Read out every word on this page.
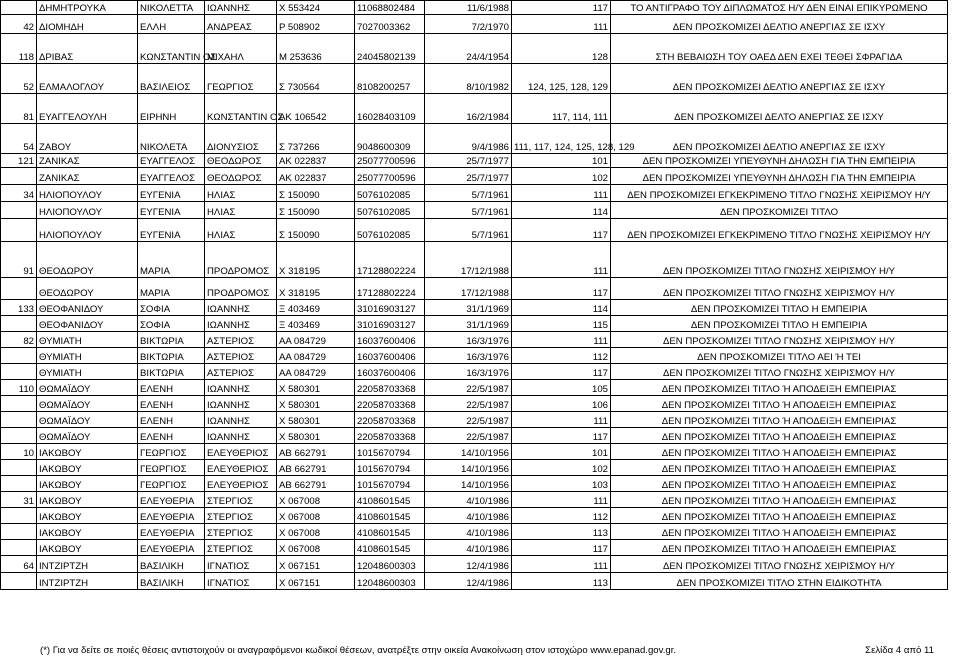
	ΔΗΜΗΤΡΟΥΚΑ	ΝΙΚΟΛΕΤΤΑ	ΙΩΑΝΝΗΣ	Χ 553424	11068802484	11/6/1988	117	ΤΟ ΑΝΤΙΓΡΑΦΟ ΤΟΥ ΔΙΠΛΩΜΑΤΟΣ Η/Υ ΔΕΝ ΕΙΝΑΙ ΕΠΙΚΥΡΩΜΕΝΟ
42	ΔΙΟΜΗΔΗ	ΕΛΛΗ	ΑΝΔΡΕΑΣ	Ρ 508902	7027003362	7/2/1970	111	ΔΕΝ ΠΡΟΣΚΟΜΙΖΕΙ ΔΕΛΤΙΟ ΑΝΕΡΓΙΑΣ ΣΕ ΙΣΧΥ
118	ΔΡΙΒΑΣ	ΚΩΝΣΤΑΝΤΙΝ ΟΣ	ΜΙΧΑΗΛ	Μ 253636	24045802139	24/4/1954	128	ΣΤΗ ΒΕΒΑΙΩΣΗ ΤΟΥ ΟΑΕΔ ΔΕΝ ΕΧΕΙ ΤΕΘΕΙ ΣΦΡΑΓΙΔΑ
52	ΕΛΜΑΛΟΓΛΟΥ	ΒΑΣΙΛΕΙΟΣ	ΓΕΩΡΓΙΟΣ	Σ 730564	8108200257	8/10/1982	124, 125, 128, 129	ΔΕΝ ΠΡΟΣΚΟΜΙΖΕΙ ΔΕΛΤΙΟ ΑΝΕΡΓΙΑΣ ΣΕ ΙΣΧΥ
81	ΕΥΑΓΓΕΛΟΥΛΗ	ΕΙΡΗΝΗ	ΚΩΝΣΤΑΝΤΙΝ ΟΣ	ΑΚ 106542	16028403109	16/2/1984	117, 114, 111	ΔΕΝ ΠΡΟΣΚΟΜΙΖΕΙ ΔΕΛΤΟ ΑΝΕΡΓΙΑΣ ΣΕ ΙΣΧΥ
54	ΖΑΒΟΥ	ΝΙΚΟΛΕΤΑ	ΔΙΟΝΥΣΙΟΣ	Σ 737266	9048600309	9/4/1986	111, 117, 124, 125, 128, 129	ΔΕΝ ΠΡΟΣΚΟΜΙΖΕΙ ΔΕΛΤΙΟ ΑΝΕΡΓΙΑΣ ΣΕ ΙΣΧΥ
121	ΖΑΝΙΚΑΣ	ΕΥΑΓΓΕΛΟΣ	ΘΕΟΔΩΡΟΣ	ΑΚ 022837	25077700596	25/7/1977	101	ΔΕΝ ΠΡΟΣΚΟΜΙΖΕΙ ΥΠΕΥΘΥΝΗ ΔΗΛΩΣΗ ΓΙΑ ΤΗΝ ΕΜΠΕΙΡΙΑ
	ΖΑΝΙΚΑΣ	ΕΥΑΓΓΕΛΟΣ	ΘΕΟΔΩΡΟΣ	ΑΚ 022837	25077700596	25/7/1977	102	ΔΕΝ ΠΡΟΣΚΟΜΙΖΕΙ ΥΠΕΥΘΥΝΗ ΔΗΛΩΣΗ ΓΙΑ ΤΗΝ ΕΜΠΕΙΡΙΑ
34	ΗΛΙΟΠΟΥΛΟΥ	ΕΥΓΕΝΙΑ	ΗΛΙΑΣ	Σ 150090	5076102085	5/7/1961	111	ΔΕΝ ΠΡΟΣΚΟΜΙΖΕΙ ΕΓΚΕΚΡΙΜΕΝΟ ΤΙΤΛΟ ΓΝΩΣΗΣ ΧΕΙΡΙΣΜΟΥ Η/Υ
	ΗΛΙΟΠΟΥΛΟΥ	ΕΥΓΕΝΙΑ	ΗΛΙΑΣ	Σ 150090	5076102085	5/7/1961	114	ΔΕΝ ΠΡΟΣΚΟΜΙΖΕΙ ΤΙΤΛΟ
	ΗΛΙΟΠΟΥΛΟΥ	ΕΥΓΕΝΙΑ	ΗΛΙΑΣ	Σ 150090	5076102085	5/7/1961	117	ΔΕΝ ΠΡΟΣΚΟΜΙΖΕΙ ΕΓΚΕΚΡΙΜΕΝΟ ΤΙΤΛΟ ΓΝΩΣΗΣ ΧΕΙΡΙΣΜΟΥ Η/Υ
91	ΘΕΟΔΩΡΟΥ	ΜΑΡΙΑ	ΠΡΟΔΡΟΜΟΣ	Χ 318195	17128802224	17/12/1988	111	ΔΕΝ ΠΡΟΣΚΟΜΙΖΕΙ ΤΙΤΛΟ ΓΝΩΣΗΣ ΧΕΙΡΙΣΜΟΥ Η/Υ
	ΘΕΟΔΩΡΟΥ	ΜΑΡΙΑ	ΠΡΟΔΡΟΜΟΣ	Χ 318195	17128802224	17/12/1988	117	ΔΕΝ ΠΡΟΣΚΟΜΙΖΕΙ ΤΙΤΛΟ ΓΝΩΣΗΣ ΧΕΙΡΙΣΜΟΥ Η/Υ
133	ΘΕΟΦΑΝΙΔΟΥ	ΣΟΦΙΑ	ΙΩΑΝΝΗΣ	Ξ 403469	31016903127	31/1/1969	114	ΔΕΝ ΠΡΟΣΚΟΜΙΖΕΙ ΤΙΤΛΟ Η ΕΜΠΕΙΡΙΑ
	ΘΕΟΦΑΝΙΔΟΥ	ΣΟΦΙΑ	ΙΩΑΝΝΗΣ	Ξ 403469	31016903127	31/1/1969	115	ΔΕΝ ΠΡΟΣΚΟΜΙΖΕΙ ΤΙΤΛΟ Η ΕΜΠΕΙΡΙΑ
82	ΘΥΜΙΑΤΗ	ΒΙΚΤΩΡΙΑ	ΑΣΤΕΡΙΟΣ	ΑΑ 084729	16037600406	16/3/1976	111	ΔΕΝ ΠΡΟΣΚΟΜΙΖΕΙ ΤΙΤΛΟ ΓΝΩΣΗΣ ΧΕΙΡΙΣΜΟΥ Η/Υ
	ΘΥΜΙΑΤΗ	ΒΙΚΤΩΡΙΑ	ΑΣΤΕΡΙΟΣ	ΑΑ 084729	16037600406	16/3/1976	112	ΔΕΝ ΠΡΟΣΚΟΜΙΖΕΙ ΤΙΤΛΟ ΑΕΙ Ή ΤΕΙ
	ΘΥΜΙΑΤΗ	ΒΙΚΤΩΡΙΑ	ΑΣΤΕΡΙΟΣ	ΑΑ 084729	16037600406	16/3/1976	117	ΔΕΝ ΠΡΟΣΚΟΜΙΖΕΙ ΤΙΤΛΟ ΓΝΩΣΗΣ ΧΕΙΡΙΣΜΟΥ Η/Υ
110	ΘΩΜΑΪΔΟΥ	ΕΛΕΝΗ	ΙΩΑΝΝΗΣ	Χ 580301	22058703368	22/5/1987	105	ΔΕΝ ΠΡΟΣΚΟΜΙΖΕΙ ΤΙΤΛΟ Ή ΑΠΟΔΕΙΞΗ ΕΜΠΕΙΡΙΑΣ
	ΘΩΜΑΪΔΟΥ	ΕΛΕΝΗ	ΙΩΑΝΝΗΣ	Χ 580301	22058703368	22/5/1987	106	ΔΕΝ ΠΡΟΣΚΟΜΙΖΕΙ ΤΙΤΛΟ Ή ΑΠΟΔΕΙΞΗ ΕΜΠΕΙΡΙΑΣ
	ΘΩΜΑΪΔΟΥ	ΕΛΕΝΗ	ΙΩΑΝΝΗΣ	Χ 580301	22058703368	22/5/1987	111	ΔΕΝ ΠΡΟΣΚΟΜΙΖΕΙ ΤΙΤΛΟ Ή ΑΠΟΔΕΙΞΗ ΕΜΠΕΙΡΙΑΣ
	ΘΩΜΑΪΔΟΥ	ΕΛΕΝΗ	ΙΩΑΝΝΗΣ	Χ 580301	22058703368	22/5/1987	117	ΔΕΝ ΠΡΟΣΚΟΜΙΖΕΙ ΤΙΤΛΟ Ή ΑΠΟΔΕΙΞΗ ΕΜΠΕΙΡΙΑΣ
10	ΙΑΚΩΒΟΥ	ΓΕΩΡΓΙΟΣ	ΕΛΕΥΘΕΡΙΟΣ	ΑΒ 662791	1015670794	14/10/1956	101	ΔΕΝ ΠΡΟΣΚΟΜΙΖΕΙ ΤΙΤΛΟ Ή ΑΠΟΔΕΙΞΗ ΕΜΠΕΙΡΙΑΣ
	ΙΑΚΩΒΟΥ	ΓΕΩΡΓΙΟΣ	ΕΛΕΥΘΕΡΙΟΣ	ΑΒ 662791	1015670794	14/10/1956	102	ΔΕΝ ΠΡΟΣΚΟΜΙΖΕΙ ΤΙΤΛΟ Ή ΑΠΟΔΕΙΞΗ ΕΜΠΕΙΡΙΑΣ
	ΙΑΚΩΒΟΥ	ΓΕΩΡΓΙΟΣ	ΕΛΕΥΘΕΡΙΟΣ	ΑΒ 662791	1015670794	14/10/1956	103	ΔΕΝ ΠΡΟΣΚΟΜΙΖΕΙ ΤΙΤΛΟ Ή ΑΠΟΔΕΙΞΗ ΕΜΠΕΙΡΙΑΣ
31	ΙΑΚΩΒΟΥ	ΕΛΕΥΘΕΡΙΑ	ΣΤΕΡΓΙΟΣ	Χ 067008	4108601545	4/10/1986	111	ΔΕΝ ΠΡΟΣΚΟΜΙΖΕΙ ΤΙΤΛΟ Ή ΑΠΟΔΕΙΞΗ ΕΜΠΕΙΡΙΑΣ
	ΙΑΚΩΒΟΥ	ΕΛΕΥΘΕΡΙΑ	ΣΤΕΡΓΙΟΣ	Χ 067008	4108601545	4/10/1986	112	ΔΕΝ ΠΡΟΣΚΟΜΙΖΕΙ ΤΙΤΛΟ Ή ΑΠΟΔΕΙΞΗ ΕΜΠΕΙΡΙΑΣ
	ΙΑΚΩΒΟΥ	ΕΛΕΥΘΕΡΙΑ	ΣΤΕΡΓΙΟΣ	Χ 067008	4108601545	4/10/1986	113	ΔΕΝ ΠΡΟΣΚΟΜΙΖΕΙ ΤΙΤΛΟ Ή ΑΠΟΔΕΙΞΗ ΕΜΠΕΙΡΙΑΣ
	ΙΑΚΩΒΟΥ	ΕΛΕΥΘΕΡΙΑ	ΣΤΕΡΓΙΟΣ	Χ 067008	4108601545	4/10/1986	117	ΔΕΝ ΠΡΟΣΚΟΜΙΖΕΙ ΤΙΤΛΟ Ή ΑΠΟΔΕΙΞΗ ΕΜΠΕΙΡΙΑΣ
64	ΙΝΤΖΙΡΤΖΗ	ΒΑΣΙΛΙΚΗ	ΙΓΝΑΤΙΟΣ	Χ 067151	12048600303	12/4/1986	111	ΔΕΝ ΠΡΟΣΚΟΜΙΖΕΙ ΤΙΤΛΟ ΓΝΩΣΗΣ ΧΕΙΡΙΣΜΟΥ Η/Υ
	ΙΝΤΖΙΡΤΖΗ	ΒΑΣΙΛΙΚΗ	ΙΓΝΑΤΙΟΣ	Χ 067151	12048600303	12/4/1986	113	ΔΕΝ ΠΡΟΣΚΟΜΙΖΕΙ ΤΙΤΛΟ ΣΤΗΝ ΕΙΔΙΚΟΤΗΤΑ
(*) Για να δείτε σε ποιές θέσεις αντιστοιχούν οι αναγραφόμενοι κωδικοί θέσεων, ανατρέξτε στην οικεία Ανακοίνωση στον ιστοχώρο www.epanad.gov.gr.	Σελίδα 4 από 11
